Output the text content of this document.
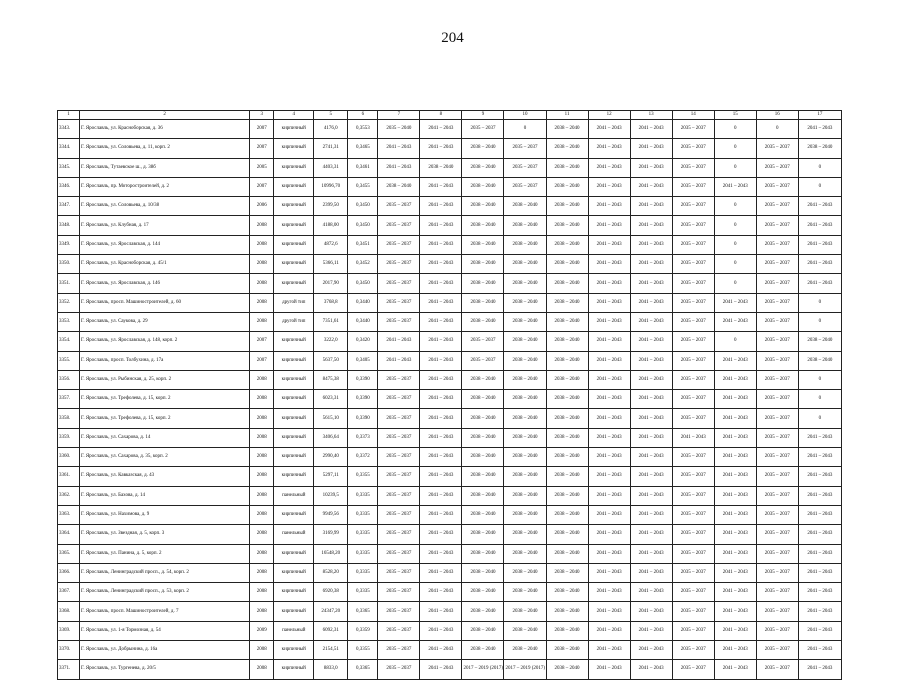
204
1	2	3	4	5	6	7	8	9	10	11	12	13	14	15	16	17
3343.	Г. Ярославль, ул. Красноборская, д. 36	2007	кирпичный	4176,0	0,3553	2035 – 2040	2041 – 2043	2035 – 2037	0	2038 – 2040	2041 – 2043	2041 – 2043	2035 – 2037	0	0	2041 – 2043
3344.	Г. Ярославль, ул. Соловьева, д. 11, корп. 2	2007	кирпичный	2741,31	0,3465	2041 – 2043	2041 – 2043	2038 – 2040	2035 – 2037	2038 – 2040	2041 – 2043	2041 – 2043	2035 – 2037	0	2035 – 2037	2038 – 2040
3345.	Г. Ярославль, Тутаевское ш., д. 38б	2005	кирпичный	4403,31	0,3461	2041 – 2043	2038 – 2040	2038 – 2040	2035 – 2037	2038 – 2040	2041 – 2043	2041 – 2043	2035 – 2037	0	2035 – 2037	0
3346.	Г. Ярославль, пр. Моторостроителей, д. 2	2007	кирпичный	10996,70	0,3455	2038 – 2040	2041 – 2043	2038 – 2040	2035 – 2037	2038 – 2040	2041 – 2043	2041 – 2043	2035 – 2037	2041 – 2043	2035 – 2037	0
3347.	Г. Ярославль, ул. Соловьева, д. 10/38	2006	кирпичный	2399,50	0,3450	2035 – 2037	2041 – 2043	2038 – 2040	2038 – 2040	2038 – 2040	2041 – 2043	2041 – 2043	2035 – 2037	0	2035 – 2037	2041 – 2043
3348.	Г. Ярославль, ул. Клубная, д. 17	2008	кирпичный	4188,00	0,3450	2035 – 2037	2041 – 2043	2038 – 2040	2038 – 2040	2038 – 2040	2041 – 2043	2041 – 2043	2035 – 2037	0	2035 – 2037	2041 – 2043
3349.	Г. Ярославль, ул. Ярославская, д. 144	2008	кирпичный	4872,6	0,3451	2035 – 2037	2041 – 2043	2038 – 2040	2038 – 2040	2038 – 2040	2041 – 2043	2041 – 2043	2035 – 2037	0	2035 – 2037	2041 – 2043
3350.	Г. Ярославль, ул. Красноборская, д. 45/1	2008	кирпичный	5366,11	0,3452	2035 – 2037	2041 – 2043	2038 – 2040	2038 – 2040	2038 – 2040	2041 – 2043	2041 – 2043	2035 – 2037	0	2035 – 2037	2041 – 2043
3351.	Г. Ярославль, ул. Ярославская, д. 146	2008	кирпичный	2017,90	0,3450	2035 – 2037	2041 – 2043	2038 – 2040	2038 – 2040	2038 – 2040	2041 – 2043	2041 – 2043	2035 – 2037	0	2035 – 2037	2041 – 2043
3352.	Г. Ярославль, просп. Машиностроителей, д. 60	2008	другой тип	3768,8	0,3440	2035 – 2037	2041 – 2043	2038 – 2040	2038 – 2040	2038 – 2040	2041 – 2043	2041 – 2043	2035 – 2037	2041 – 2043	2035 – 2037	0
3353.	Г. Ярославль, ул. Саукова, д. 29	2008	другой тип	7351,61	0,3440	2035 – 2037	2041 – 2043	2038 – 2040	2038 – 2040	2038 – 2040	2041 – 2043	2041 – 2043	2035 – 2037	2041 – 2043	2035 – 2037	0
3354.	Г. Ярославль, ул. Ярославская, д. 148, корп. 2	2007	кирпичный	3222,0	0,3420	2041 – 2043	2041 – 2043	2035 – 2037	2038 – 2040	2038 – 2040	2041 – 2043	2041 – 2043	2035 – 2037	0	2035 – 2037	2038 – 2040
3355.	Г. Ярославль, просп. Толбухина, д. 17а	2007	кирпичный	5637,50	0,3405	2041 – 2043	2041 – 2043	2035 – 2037	2038 – 2040	2038 – 2040	2041 – 2043	2041 – 2043	2035 – 2037	2041 – 2043	2035 – 2037	2038 – 2040
3356.	Г. Ярославль, ул. Рыбинская, д. 25, корп. 2	2008	кирпичный	8475,38	0,3390	2035 – 2037	2041 – 2043	2038 – 2040	2038 – 2040	2038 – 2040	2041 – 2043	2041 – 2043	2035 – 2037	2041 – 2043	2035 – 2037	0
3357.	Г. Ярославль, ул. Трефолева, д. 15, корп. 2	2008	кирпичный	6023,31	0,3390	2035 – 2037	2041 – 2043	2038 – 2040	2038 – 2040	2038 – 2040	2041 – 2043	2041 – 2043	2035 – 2037	2041 – 2043	2035 – 2037	0
3358.	Г. Ярославль, ул. Трефолева, д. 15, корп. 2	2008	кирпичный	5615,10	0,3390	2035 – 2037	2041 – 2043	2038 – 2040	2038 – 2040	2038 – 2040	2041 – 2043	2041 – 2043	2035 – 2037	2041 – 2043	2035 – 2037	0
3359.	Г. Ярославль, ул. Сахарова, д. 14	2008	кирпичный	3406,64	0,3373	2035 – 2037	2041 – 2043	2038 – 2040	2038 – 2040	2038 – 2040	2041 – 2043	2041 – 2043	2041 – 2043	2041 – 2043	2035 – 2037	2041 – 2043
3360.	Г. Ярославль, ул. Сахарова, д. 35, корп. 2	2008	кирпичный	2990,40	0,3372	2035 – 2037	2041 – 2043	2038 – 2040	2038 – 2040	2038 – 2040	2041 – 2043	2041 – 2043	2035 – 2037	2041 – 2043	2035 – 2037	2041 – 2043
3361.	Г. Ярославль, ул. Кавказская, д. 43	2008	кирпичный	5297,11	0,3355	2035 – 2037	2041 – 2043	2038 – 2040	2038 – 2040	2038 – 2040	2041 – 2043	2041 – 2043	2035 – 2037	2041 – 2043	2035 – 2037	2041 – 2043
3362.	Г. Ярославль, ул. Бахова, д. 14	2008	панельный	10239,5	0,3335	2035 – 2037	2041 – 2043	2038 – 2040	2038 – 2040	2038 – 2040	2041 – 2043	2041 – 2043	2035 – 2037	2041 – 2043	2035 – 2037	2041 – 2043
3363.	Г. Ярославль, ул. Нахимова, д. 9	2008	кирпичный	9949,56	0,3335	2035 – 2037	2041 – 2043	2038 – 2040	2038 – 2040	2038 – 2040	2041 – 2043	2041 – 2043	2035 – 2037	2041 – 2043	2035 – 2037	2041 – 2043
3364.	Г. Ярославль, ул. Звездная, д. 5, корп. 3	2008	панельный	3169,99	0,3335	2035 – 2037	2041 – 2043	2038 – 2040	2038 – 2040	2038 – 2040	2041 – 2043	2041 – 2043	2035 – 2037	2041 – 2043	2035 – 2037	2041 – 2043
3365.	Г. Ярославль, ул. Панина, д. 5, корп. 2	2008	кирпичный	16548,20	0,3335	2035 – 2037	2041 – 2043	2038 – 2040	2038 – 2040	2038 – 2040	2041 – 2043	2041 – 2043	2035 – 2037	2041 – 2043	2035 – 2037	2041 – 2043
3366.	Г. Ярославль, Ленинградский просп., д. 54, корп. 2	2008	кирпичный	8528,20	0,3335	2035 – 2037	2041 – 2043	2038 – 2040	2038 – 2040	2038 – 2040	2041 – 2043	2041 – 2043	2035 – 2037	2041 – 2043	2035 – 2037	2041 – 2043
3367.	Г. Ярославль, Ленинградский просп., д. 53, корп. 2	2008	кирпичный	6920,38	0,3335	2035 – 2037	2041 – 2043	2038 – 2040	2038 – 2040	2038 – 2040	2041 – 2043	2041 – 2043	2035 – 2037	2041 – 2043	2035 – 2037	2041 – 2043
3368.	Г. Ярославль, просп. Машиностроителей, д. 7	2008	кирпичный	24347,20	0,3365	2035 – 2037	2041 – 2043	2038 – 2040	2038 – 2040	2038 – 2040	2041 – 2043	2041 – 2043	2035 – 2037	2041 – 2043	2035 – 2037	2041 – 2043
3369.	Г. Ярославль, ул. 1-я Тормозная, д. 54	2009	панельный	6092,31	0,3359	2035 – 2037	2041 – 2043	2038 – 2040	2038 – 2040	2038 – 2040	2041 – 2043	2041 – 2043	2035 – 2037	2041 – 2043	2035 – 2037	2041 – 2043
3370.	Г. Ярославль, ул. Добрынина, д. 16а	2008	кирпичный	2154,51	0,3355	2035 – 2037	2041 – 2043	2038 – 2040	2038 – 2040	2038 – 2040	2041 – 2043	2041 – 2043	2035 – 2037	2041 – 2043	2035 – 2037	2041 – 2043
3371.	Г. Ярославль, ул. Тургенева, д. 20/5	2008	кирпичный	8833,0	0,3365	2035 – 2037	2041 – 2043	2017 – 2019 (2017)	2017 – 2019 (2017)	2038 – 2040	2041 – 2043	2041 – 2043	2035 – 2037	2041 – 2043	2035 – 2037	2041 – 2043
